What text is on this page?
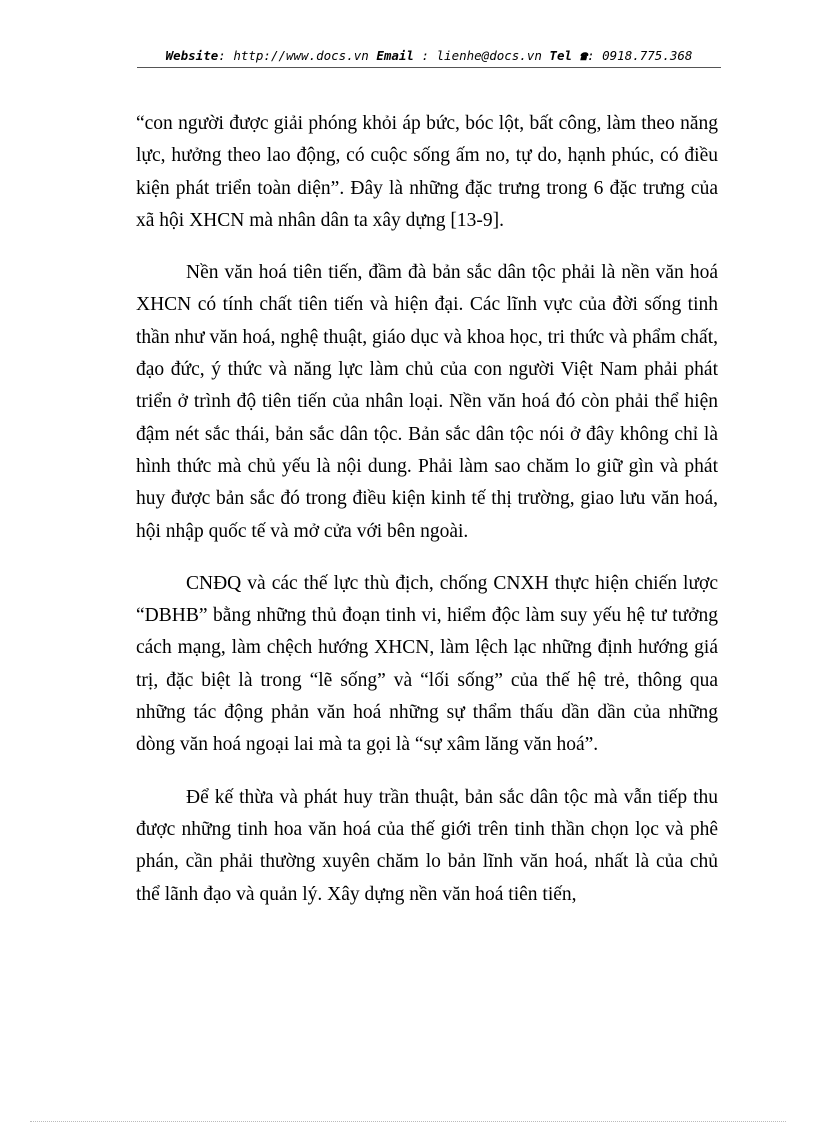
Website: http://www.docs.vn Email : lienhe@docs.vn Tel ☎: 0918.775.368

“con người được giải phóng khỏi áp bức, bóc lột, bất công, làm theo năng lực, hưởng theo lao động, có cuộc sống ấm no, tự do, hạnh phúc, có điều kiện phát triển toàn diện”. Đây là những đặc trưng trong 6 đặc trưng của xã hội XHCN mà nhân dân ta xây dựng [13-9].

Nền văn hoá tiên tiến, đầm đà bản sắc dân tộc phải là nền văn hoá XHCN có tính chất tiên tiến và hiện đại. Các lĩnh vực của đời sống tinh thần như văn hoá, nghệ thuật, giáo dục và khoa học, tri thức và phẩm chất, đạo đức, ý thức và năng lực làm chủ của con người Việt Nam phải phát triển ở trình độ tiên tiến của nhân loại. Nền văn hoá đó còn phải thể hiện đậm nét sắc thái, bản sắc dân tộc. Bản sắc dân tộc nói ở đây không chỉ là hình thức mà chủ yếu là nội dung. Phải làm sao chăm lo giữ gìn và phát huy được bản sắc đó trong điều kiện kinh tế thị trường, giao lưu văn hoá, hội nhập quốc tế và mở cửa với bên ngoài.

CNĐQ và các thế lực thù địch, chống CNXH thực hiện chiến lược “DBHB” bằng những thủ đoạn tinh vi, hiểm độc làm suy yếu hệ tư tưởng cách mạng, làm chệch hướng XHCN, làm lệch lạc những định hướng giá trị, đặc biệt là trong “lẽ sống” và “lối sống” của thế hệ trẻ, thông qua những tác động phản văn hoá những sự thẩm thấu dần dần của những dòng văn hoá ngoại lai mà ta gọi là “sự xâm lăng văn hoá”.

Để kế thừa và phát huy trần thuật, bản sắc dân tộc mà vẫn tiếp thu được những tinh hoa văn hoá của thế giới trên tinh thần chọn lọc và phê phán, cần phải thường xuyên chăm lo bản lĩnh văn hoá, nhất là của chủ thể lãnh đạo và quản lý. Xây dựng nền văn hoá tiên tiến,
